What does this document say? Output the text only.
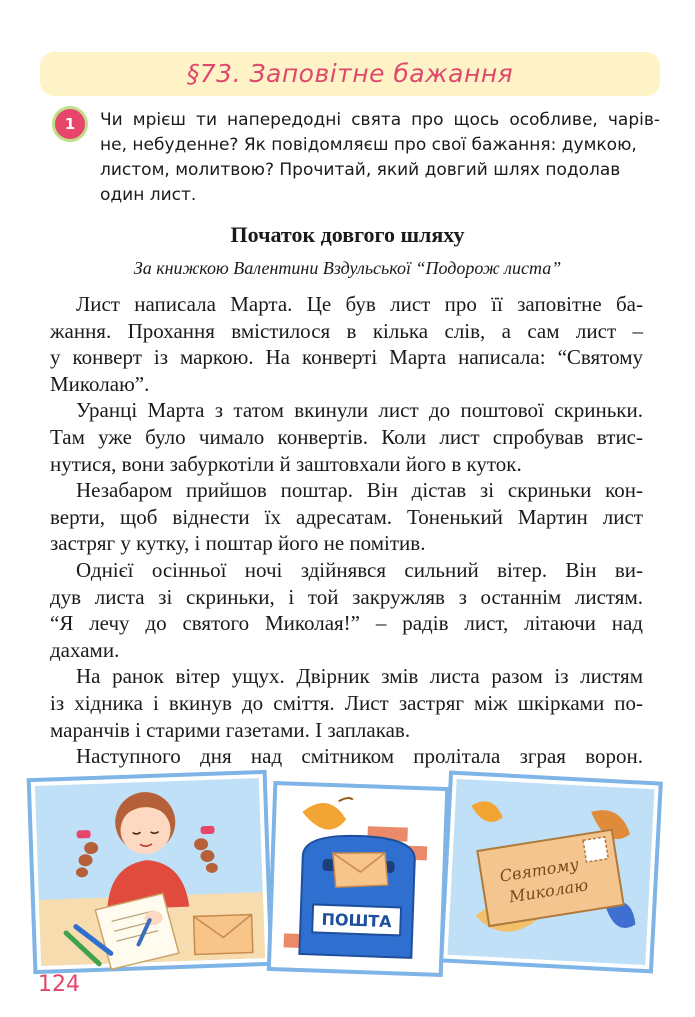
§73. Заповітне бажання
1	Чи мрієш ти напередодні свята про щось особливе, чарів-
не, небуденне? Як повідомляєш про свої бажання: думкою,
листом, молитвою? Прочитай, який довгий шлях подолав
один лист.
Початок довгого шляху
За книжкою Валентини Вздульської “Подорож листа”
Лист написала Марта. Це був лист про її заповітне ба-
жання. Прохання вмістилося в кілька слів, а сам лист –
у конверт із маркою. На конверті Марта написала: “Святому
Миколаю”.
Уранці Марта з татом вкинули лист до поштової скриньки.
Там уже було чимало конвертів. Коли лист спробував втис-
нутися, вони забуркотіли й заштовхали його в куток.
Незабаром прийшов поштар. Він дістав зі скриньки кон-
верти, щоб віднести їх адресатам. Тоненький Мартин лист
застряг у кутку, і поштар його не помітив.
Однієї осінньої ночі здійнявся сильний вітер. Він ви-
дув листа зі скриньки, і той закружляв з останнім листям.
“Я лечу до святого Миколая!” – радів лист, літаючи над
дахами.
На ранок вітер ущух. Двірник змів листа разом із листям
із хідника і вкинув до сміття. Лист застряг між шкірками по-
маранчів і старими газетами. І заплакав.
Наступного дня над смітником пролітала зграя ворон.
ПОШТА
Святому
Миколаю
124
